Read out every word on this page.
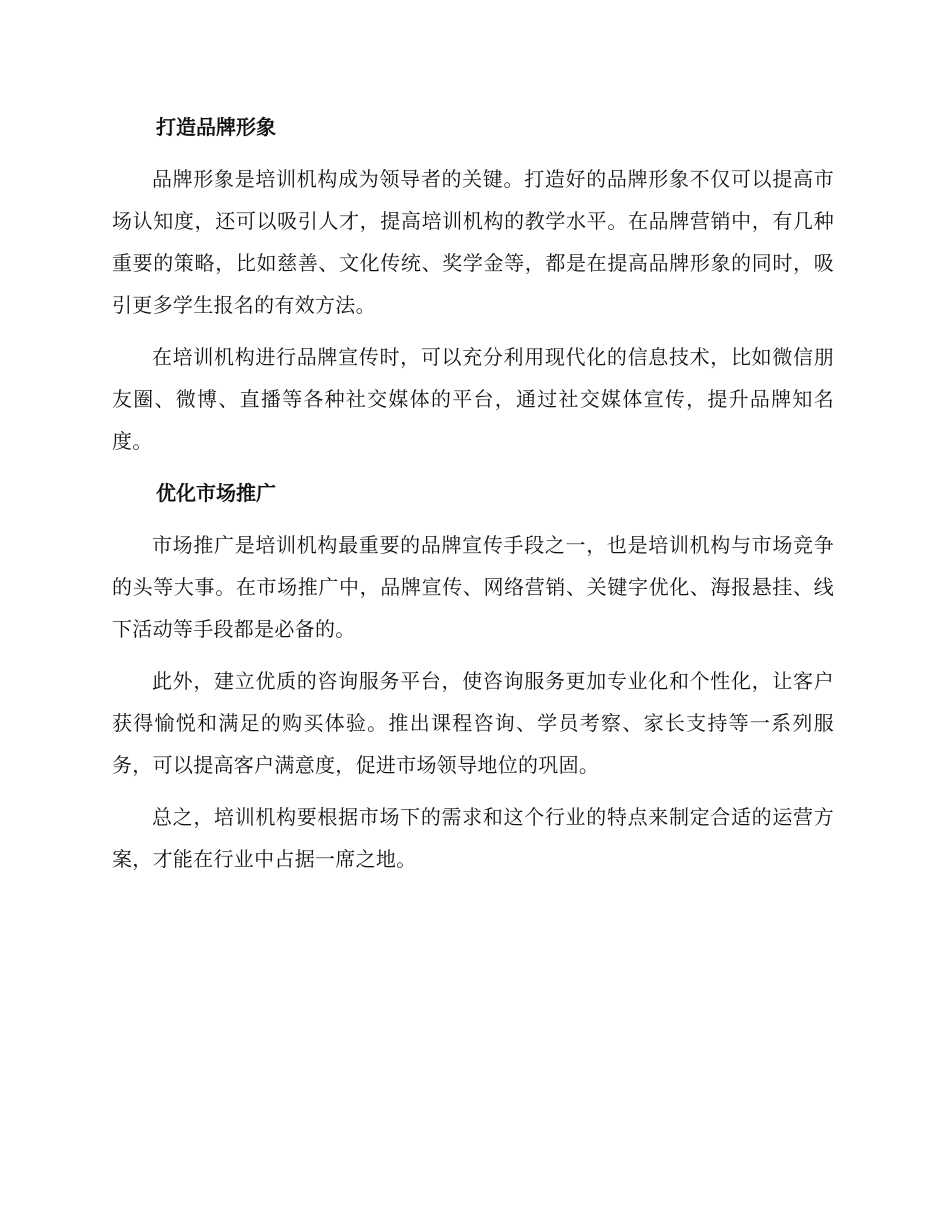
打造品牌形象

品牌形象是培训机构成为领导者的关键。打造好的品牌形象不仅可以提高市场认知度，还可以吸引人才，提高培训机构的教学水平。在品牌营销中，有几种重要的策略，比如慈善、文化传统、奖学金等，都是在提高品牌形象的同时，吸引更多学生报名的有效方法。

在培训机构进行品牌宣传时，可以充分利用现代化的信息技术，比如微信朋友圈、微博、直播等各种社交媒体的平台，通过社交媒体宣传，提升品牌知名度。

优化市场推广

市场推广是培训机构最重要的品牌宣传手段之一，也是培训机构与市场竞争的头等大事。在市场推广中，品牌宣传、网络营销、关键字优化、海报悬挂、线下活动等手段都是必备的。

此外，建立优质的咨询服务平台，使咨询服务更加专业化和个性化，让客户获得愉悦和满足的购买体验。推出课程咨询、学员考察、家长支持等一系列服务，可以提高客户满意度，促进市场领导地位的巩固。

总之，培训机构要根据市场下的需求和这个行业的特点来制定合适的运营方案，才能在行业中占据一席之地。
